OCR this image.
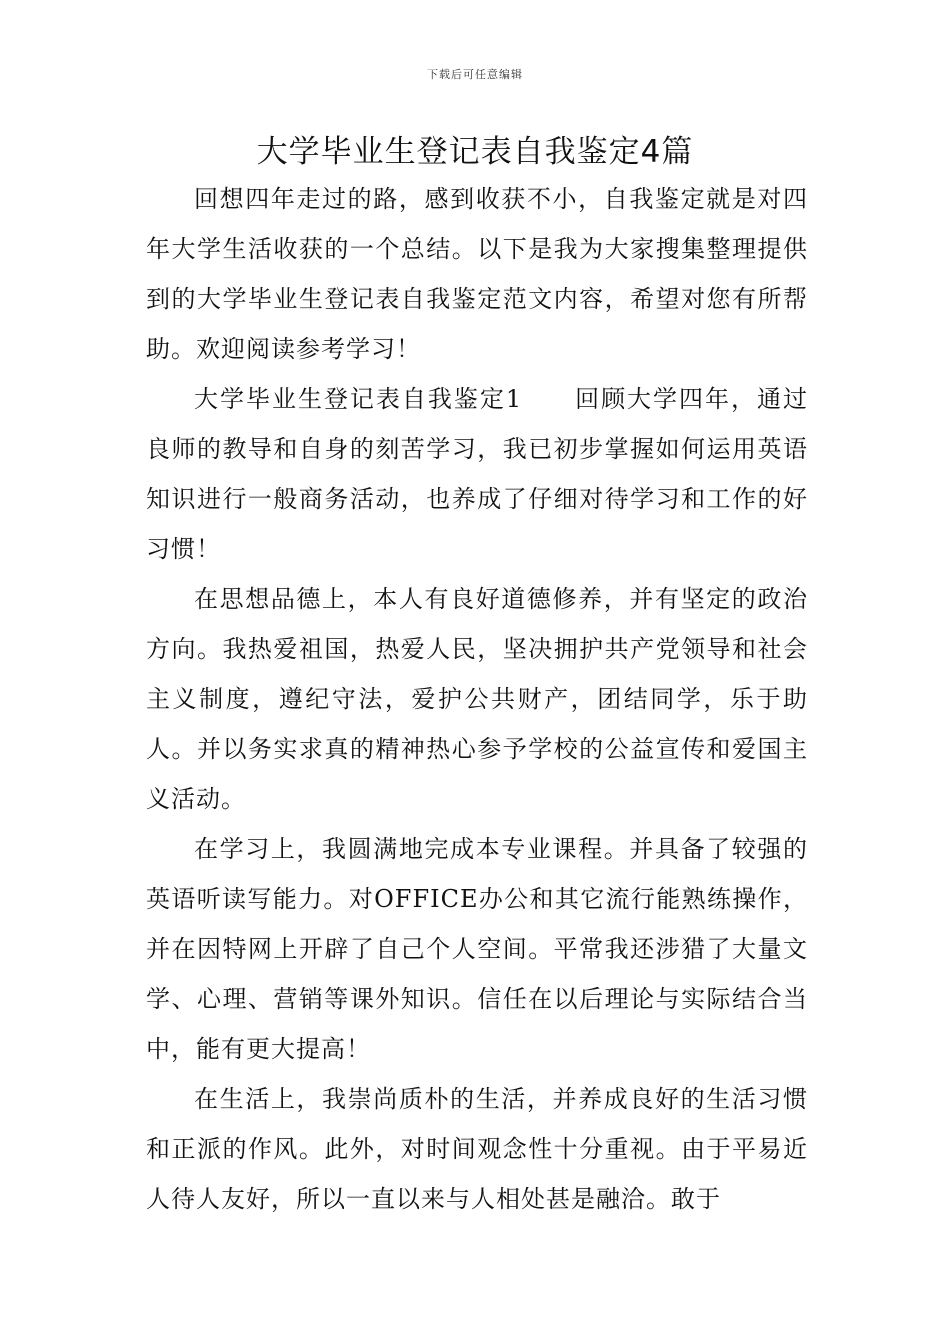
下载后可任意编辑
大学毕业生登记表自我鉴定4篇

回想四年走过的路，感到收获不小，自我鉴定就是对四年大学生活收获的一个总结。以下是我为大家搜集整理提供到的大学毕业生登记表自我鉴定范文内容，希望对您有所帮助。欢迎阅读参考学习！

大学毕业生登记表自我鉴定1　　回顾大学四年，通过良师的教导和自身的刻苦学习，我已初步掌握如何运用英语知识进行一般商务活动，也养成了仔细对待学习和工作的好习惯！

在思想品德上，本人有良好道德修养，并有坚定的政治方向。我热爱祖国，热爱人民，坚决拥护共产党领导和社会主义制度，遵纪守法，爱护公共财产，团结同学，乐于助人。并以务实求真的精神热心参予学校的公益宣传和爱国主义活动。

在学习上，我圆满地完成本专业课程。并具备了较强的英语听读写能力。对OFFICE办公和其它流行能熟练操作，并在因特网上开辟了自己个人空间。平常我还涉猎了大量文学、心理、营销等课外知识。信任在以后理论与实际结合当中，能有更大提高！

在生活上，我崇尚质朴的生活，并养成良好的生活习惯和正派的作风。此外，对时间观念性十分重视。由于平易近人待人友好，所以一直以来与人相处甚是融洽。敢于
